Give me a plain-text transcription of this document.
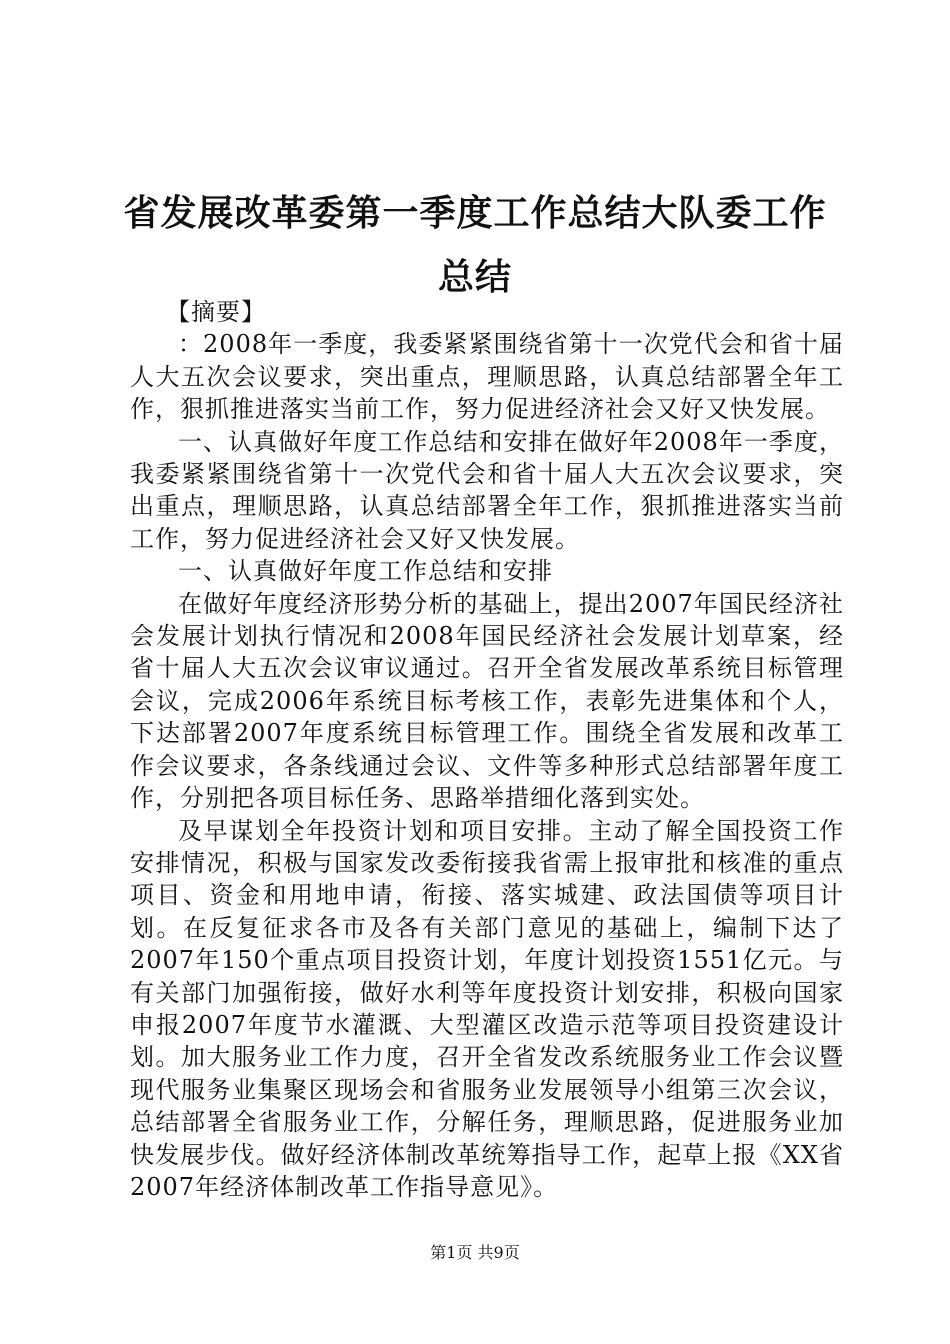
省发展改革委第一季度工作总结大队委工作总结

【摘要】

：2008年一季度，我委紧紧围绕省第十一次党代会和省十届人大五次会议要求，突出重点，理顺思路，认真总结部署全年工作，狠抓推进落实当前工作，努力促进经济社会又好又快发展。

一、认真做好年度工作总结和安排在做好年2008年一季度，我委紧紧围绕省第十一次党代会和省十届人大五次会议要求，突出重点，理顺思路，认真总结部署全年工作，狠抓推进落实当前工作，努力促进经济社会又好又快发展。

一、认真做好年度工作总结和安排

在做好年度经济形势分析的基础上，提出2007年国民经济社会发展计划执行情况和2008年国民经济社会发展计划草案，经省十届人大五次会议审议通过。召开全省发展改革系统目标管理会议，完成2006年系统目标考核工作，表彰先进集体和个人，下达部署2007年度系统目标管理工作。围绕全省发展和改革工作会议要求，各条线通过会议、文件等多种形式总结部署年度工作，分别把各项目标任务、思路举措细化落到实处。

及早谋划全年投资计划和项目安排。主动了解全国投资工作安排情况，积极与国家发改委衔接我省需上报审批和核准的重点项目、资金和用地申请，衔接、落实城建、政法国债等项目计划。在反复征求各市及各有关部门意见的基础上，编制下达了2007年150个重点项目投资计划，年度计划投资1551亿元。与有关部门加强衔接，做好水利等年度投资计划安排，积极向国家申报2007年度节水灌溉、大型灌区改造示范等项目投资建设计划。加大服务业工作力度，召开全省发改系统服务业工作会议暨现代服务业集聚区现场会和省服务业发展领导小组第三次会议，总结部署全省服务业工作，分解任务，理顺思路，促进服务业加快发展步伐。做好经济体制改革统筹指导工作，起草上报《XX省2007年经济体制改革工作指导意见》。

第1页 共9页
